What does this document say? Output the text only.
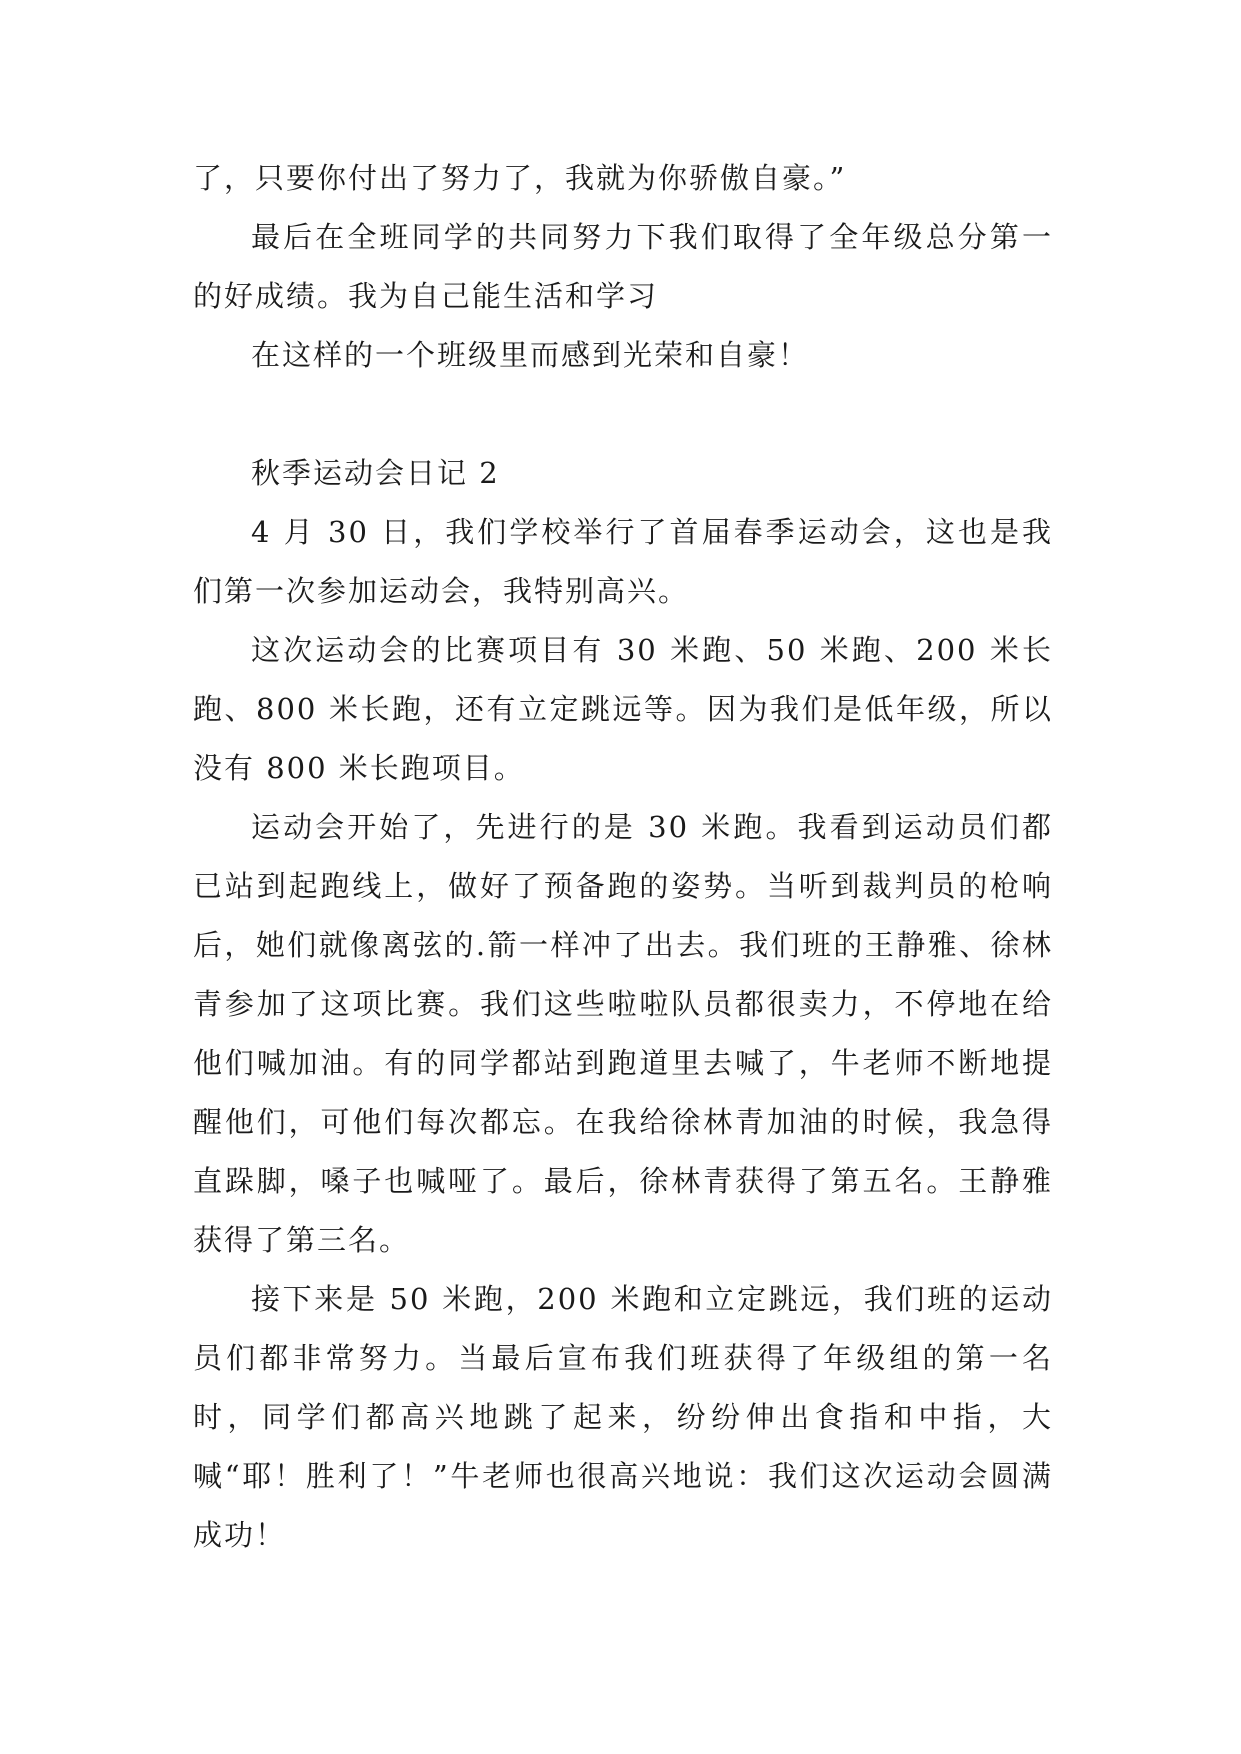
了，只要你付出了努力了，我就为你骄傲自豪。”

最后在全班同学的共同努力下我们取得了全年级总分第一的好成绩。我为自己能生活和学习

在这样的一个班级里而感到光荣和自豪！

秋季运动会日记 2

4 月 30 日，我们学校举行了首届春季运动会，这也是我们第一次参加运动会，我特别高兴。

这次运动会的比赛项目有 30 米跑、50 米跑、200 米长跑、800 米长跑，还有立定跳远等。因为我们是低年级，所以没有 800 米长跑项目。

运动会开始了，先进行的是 30 米跑。我看到运动员们都已站到起跑线上，做好了预备跑的姿势。当听到裁判员的枪响后，她们就像离弦的.箭一样冲了出去。我们班的王静雅、徐林青参加了这项比赛。我们这些啦啦队员都很卖力，不停地在给他们喊加油。有的同学都站到跑道里去喊了，牛老师不断地提醒他们，可他们每次都忘。在我给徐林青加油的时候，我急得直跺脚，嗓子也喊哑了。最后，徐林青获得了第五名。王静雅获得了第三名。

接下来是 50 米跑，200 米跑和立定跳远，我们班的运动员们都非常努力。当最后宣布我们班获得了年级组的第一名时，同学们都高兴地跳了起来，纷纷伸出食指和中指，大喊“耶！胜利了！”牛老师也很高兴地说：我们这次运动会圆满成功！
